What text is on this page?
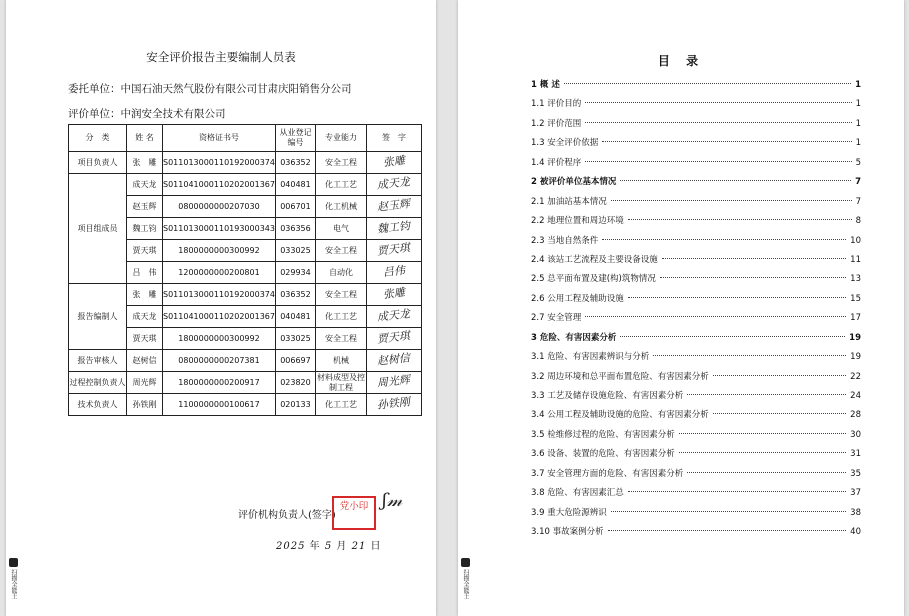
安全评价报告主要编制人员表
委托单位：中国石油天然气股份有限公司甘肃庆阳销售分公司
评价单位：中润安全技术有限公司
分　类	姓 名	资格证书号	从业登记编号	专业能力	签　字
项目负责人	张　雕	S011013000110192000374	036352	安全工程	张雕
项目组成员	成天龙	S011041000110202001367	040481	化工工艺	成天龙
	赵玉辉	0800000000207030	006701	化工机械	赵玉辉
	魏工钧	S011013000110193000343	036356	电气	魏工钧
	贾天琪	1800000000300992	033025	安全工程	贾天琪
	吕　伟	1200000000200801	029934	自动化	吕伟
报告编制人	张　雕	S011013000110192000374	036352	安全工程	张雕
	成天龙	S011041000110202001367	040481	化工工艺	成天龙
	贾天琪	1800000000300992	033025	安全工程	贾天琪
报告审核人	赵树信	0800000000207381	006697	机械	赵树信
过程控制负责人	周光辉	1800000000200917	023820	材料成型及控制工程	周光辉
技术负责人	孙铁刚	1100000000100617	020133	化工工艺	孙铁刚
评价机构负责人(签字)
党小印 ʃ𝓂
2025 年 5 月 21 日
扫描全能王
目 录
1 概 述	1
1.1 评价目的	1
1.2 评价范围	1
1.3 安全评价依据	1
1.4 评价程序	5
2 被评价单位基本情况	7
2.1 加油站基本情况	7
2.2 地理位置和周边环境	8
2.3 当地自然条件	10
2.4 该站工艺流程及主要设备设施	11
2.5 总平面布置及建(构)筑物情况	13
2.6 公用工程及辅助设施	15
2.7 安全管理	17
3 危险、有害因素分析	19
3.1 危险、有害因素辨识与分析	19
3.2 周边环境和总平面布置危险、有害因素分析	22
3.3 工艺及储存设施危险、有害因素分析	24
3.4 公用工程及辅助设施的危险、有害因素分析	28
3.5 检维修过程的危险、有害因素分析	30
3.6 设备、装置的危险、有害因素分析	31
3.7 安全管理方面的危险、有害因素分析	35
3.8 危险、有害因素汇总	37
3.9 重大危险源辨识	38
3.10 事故案例分析	40
扫描全能王
